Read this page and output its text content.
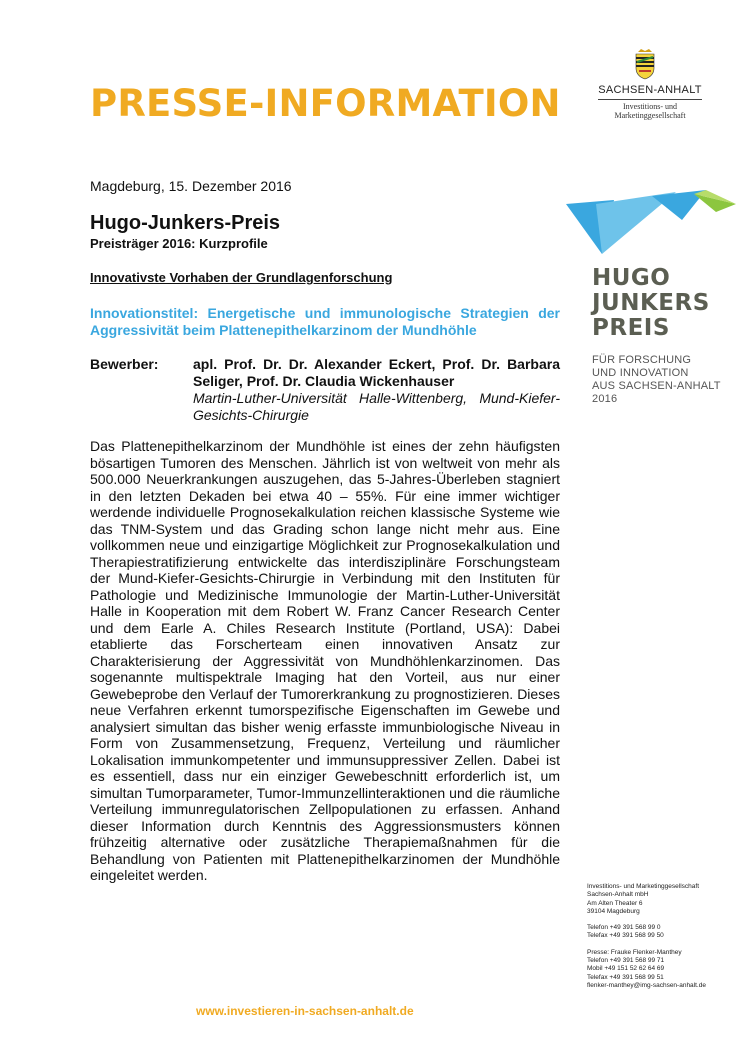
PRESSE-INFORMATION	SACHSEN-ANHALT
Investitions- und
Marketinggesellschaft
Magdeburg, 15. Dezember 2016
Hugo-Junkers-Preis
Preisträger 2016: Kurzprofile
Innovativste Vorhaben der Grundlagenforschung
Innovationstitel: Energetische und immunologische Strategien der Aggressivität beim Plattenepithelkarzinom der Mundhöhle
Bewerber: apl. Prof. Dr. Dr. Alexander Eckert, Prof. Dr. Barbara Seliger, Prof. Dr. Claudia Wickenhauser
Martin-Luther-Universität Halle-Wittenberg, Mund-Kiefer-Gesichts-Chirurgie
Das Plattenepithelkarzinom der Mundhöhle ist eines der zehn häufigsten bösartigen Tumoren des Menschen. Jährlich ist von weltweit von mehr als 500.000 Neuerkrankungen auszugehen, das 5-Jahres-Überleben stagniert in den letzten Dekaden bei etwa 40 – 55%. Für eine immer wichtiger werdende individuelle Prognosekalkulation reichen klassische Systeme wie das TNM-System und das Grading schon lange nicht mehr aus. Eine vollkommen neue und einzigartige Möglichkeit zur Prognosekalkulation und Therapiestratifizierung entwickelte das interdisziplinäre Forschungsteam der Mund-Kiefer-Gesichts-Chirurgie in Verbindung mit den Instituten für Pathologie und Medizinische Immunologie der Martin-Luther-Universität Halle in Kooperation mit dem Robert W. Franz Cancer Research Center und dem Earle A. Chiles Research Institute (Portland, USA): Dabei etablierte das Forscherteam einen innovativen Ansatz zur Charakterisierung der Aggressivität von Mundhöhlenkarzinomen. Das sogenannte multispektrale Imaging hat den Vorteil, aus nur einer Gewebeprobe den Verlauf der Tumorerkrankung zu prognostizieren. Dieses neue Verfahren erkennt tumorspezifische Eigenschaften im Gewebe und analysiert simultan das bisher wenig erfasste immunbiologische Niveau in Form von Zusammensetzung, Frequenz, Verteilung und räumlicher Lokalisation immunkompetenter und immunsuppressiver Zellen. Dabei ist es essentiell, dass nur ein einziger Gewebeschnitt erforderlich ist, um simultan Tumorparameter, Tumor-Immunzellinteraktionen und die räumliche Verteilung immunregulatorischen Zellpopulationen zu erfassen. Anhand dieser Information durch Kenntnis des Aggressionsmusters können frühzeitig alternative oder zusätzliche Therapiemaßnahmen für die Behandlung von Patienten mit Plattenepithelkarzinomen der Mundhöhle eingeleitet werden.
HUGO
JUNKERS
PREIS
FÜR FORSCHUNG
UND INNOVATION
AUS SACHSEN-ANHALT
2016
Investitions- und Marketinggesellschaft
Sachsen-Anhalt mbH
Am Alten Theater 6
39104 Magdeburg
Telefon +49 391 568 99 0
Telefax +49 391 568 99 50
Presse: Frauke Flenker-Manthey
Telefon +49 391 568 99 71
Mobil +49 151 52 62 64 69
Telefax +49 391 568 99 51
flenker-manthey@img-sachsen-anhalt.de
www.investieren-in-sachsen-anhalt.de
